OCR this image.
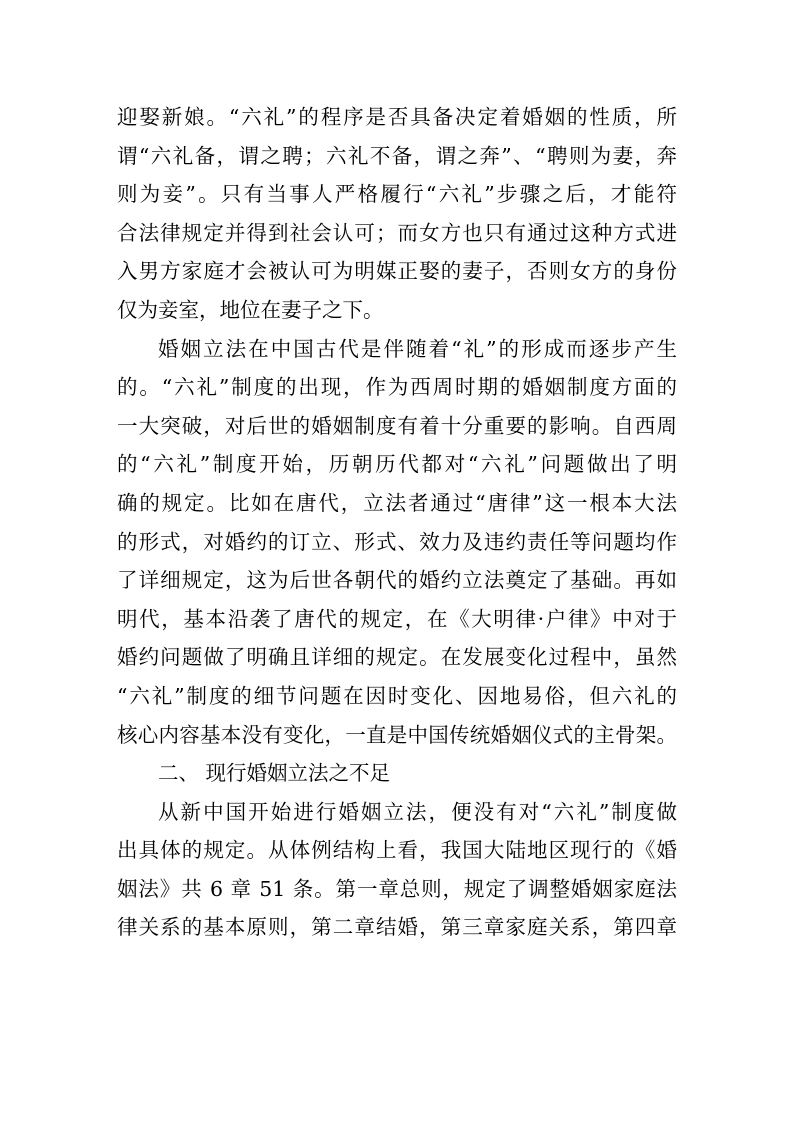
迎娶新娘。“六礼”的程序是否具备决定着婚姻的性质，所
谓“六礼备，谓之聘；六礼不备，谓之奔”、“聘则为妻，奔
则为妾”。只有当事人严格履行“六礼”步骤之后，才能符
合法律规定并得到社会认可；而女方也只有通过这种方式进
入男方家庭才会被认可为明媒正娶的妻子，否则女方的身份
仅为妾室，地位在妻子之下。
婚姻立法在中国古代是伴随着“礼”的形成而逐步产生
的。“六礼”制度的出现，作为西周时期的婚姻制度方面的
一大突破，对后世的婚姻制度有着十分重要的影响。自西周
的“六礼”制度开始，历朝历代都对“六礼”问题做出了明
确的规定。比如在唐代，立法者通过“唐律”这一根本大法
的形式，对婚约的订立、形式、效力及违约责任等问题均作
了详细规定，这为后世各朝代的婚约立法奠定了基础。再如
明代，基本沿袭了唐代的规定，在《大明律·户律》中对于
婚约问题做了明确且详细的规定。在发展变化过程中，虽然
“六礼”制度的细节问题在因时变化、因地易俗，但六礼的
核心内容基本没有变化，一直是中国传统婚姻仪式的主骨架。
二、 现行婚姻立法之不足
从新中国开始进行婚姻立法，便没有对“六礼”制度做
出具体的规定。从体例结构上看，我国大陆地区现行的《婚
姻法》共 6 章 51 条。第一章总则，规定了调整婚姻家庭法
律关系的基本原则，第二章结婚，第三章家庭关系，第四章
